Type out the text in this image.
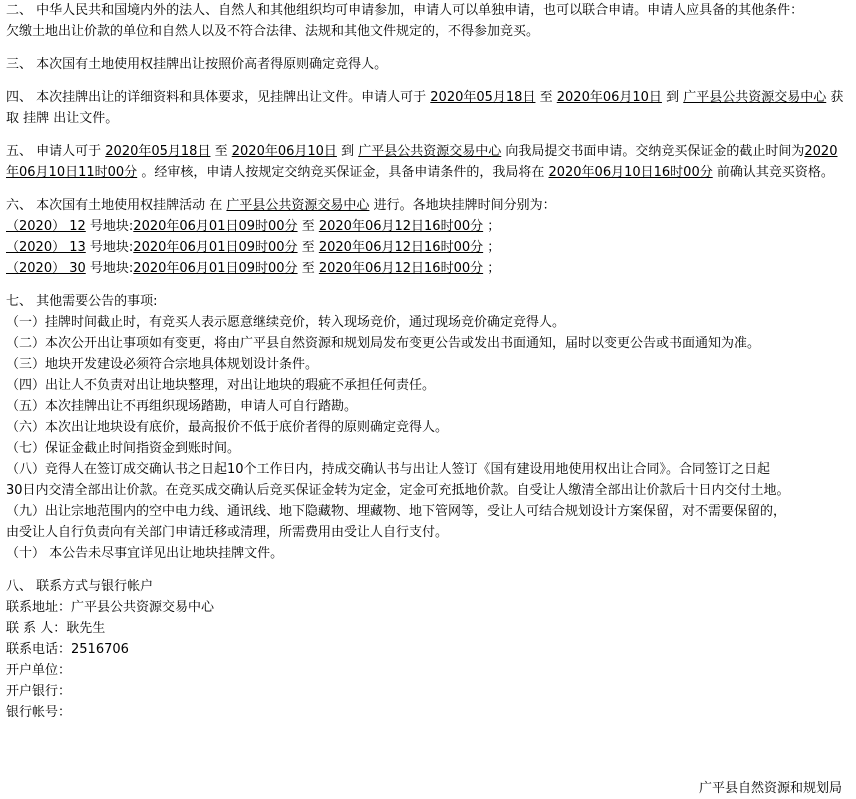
二、 中华人民共和国境内外的法人、自然人和其他组织均可申请参加，申请人可以单独申请，也可以联合申请。申请人应具备的其他条件：
欠缴土地出让价款的单位和自然人以及不符合法律、法规和其他文件规定的，不得参加竞买。
三、 本次国有土地使用权挂牌出让按照价高者得原则确定竞得人。
四、 本次挂牌出让的详细资料和具体要求，见挂牌出让文件。申请人可于 2020年05月18日 至 2020年06月10日 到 广平县公共资源交易中心 获取 挂牌 出让文件。
五、 申请人可于 2020年05月18日 至 2020年06月10日 到 广平县公共资源交易中心 向我局提交书面申请。交纳竞买保证金的截止时间为2020年06月10日11时00分 。经审核，申请人按规定交纳竞买保证金，具备申请条件的，我局将在 2020年06月10日16时00分 前确认其竞买资格。
六、 本次国有土地使用权挂牌活动 在 广平县公共资源交易中心 进行。各地块挂牌时间分别为：
（2020） 12 号地块:2020年06月01日09时00分 至 2020年06月12日16时00分 ；
（2020） 13 号地块:2020年06月01日09时00分 至 2020年06月12日16时00分 ；
（2020） 30 号地块:2020年06月01日09时00分 至 2020年06月12日16时00分 ；
七、 其他需要公告的事项:
（一）挂牌时间截止时，有竞买人表示愿意继续竞价，转入现场竞价，通过现场竞价确定竞得人。
（二）本次公开出让事项如有变更，将由广平县自然资源和规划局发布变更公告或发出书面通知，届时以变更公告或书面通知为准。
（三）地块开发建设必须符合宗地具体规划设计条件。
（四）出让人不负责对出让地块整理，对出让地块的瑕疵不承担任何责任。
（五）本次挂牌出让不再组织现场踏勘，申请人可自行踏勘。
（六）本次出让地块设有底价，最高报价不低于底价者得的原则确定竞得人。
（七）保证金截止时间指资金到账时间。
（八）竞得人在签订成交确认书之日起10个工作日内，持成交确认书与出让人签订《国有建设用地使用权出让合同》。合同签订之日起
30日内交清全部出让价款。在竞买成交确认后竞买保证金转为定金，定金可充抵地价款。自受让人缴清全部出让价款后十日内交付土地。
（九）出让宗地范围内的空中电力线、通讯线、地下隐藏物、埋藏物、地下管网等，受让人可结合规划设计方案保留，对不需要保留的，
由受让人自行负责向有关部门申请迁移或清理，所需费用由受让人自行支付。
（十） 本公告未尽事宜详见出让地块挂牌文件。
八、 联系方式与银行帐户
联系地址：广平县公共资源交易中心
联 系 人：耿先生
联系电话：2516706
开户单位：
开户银行：
银行帐号：
广平县自然资源和规划局
